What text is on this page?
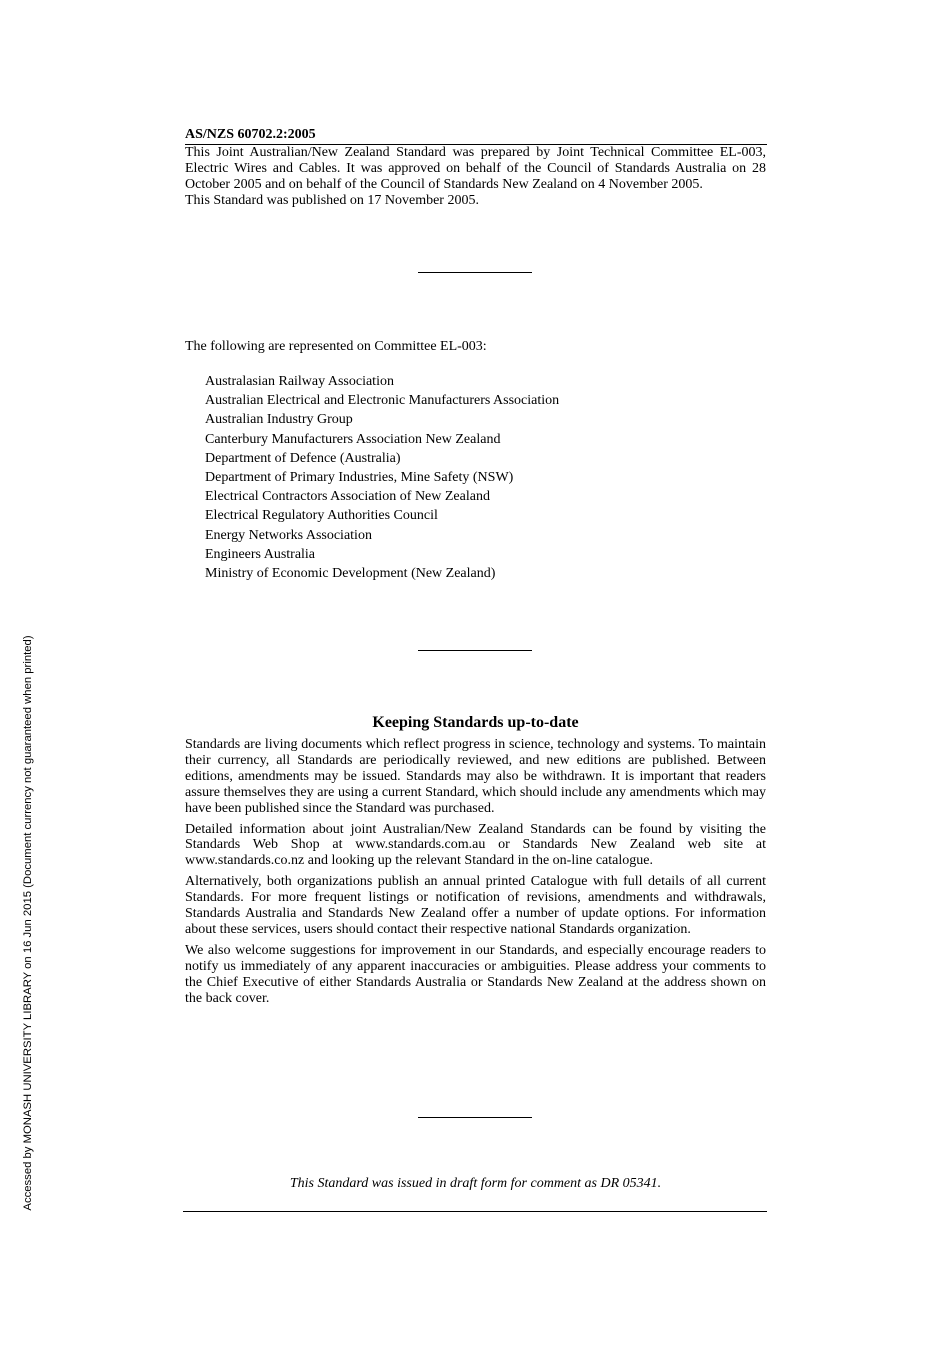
AS/NZS 60702.2:2005

This Joint Australian/New Zealand Standard was prepared by Joint Technical Committee EL-003, Electric Wires and Cables. It was approved on behalf of the Council of Standards Australia on 28 October 2005 and on behalf of the Council of Standards New Zealand on 4 November 2005.

This Standard was published on 17 November 2005.

The following are represented on Committee EL-003:

Australasian Railway Association
Australian Electrical and Electronic Manufacturers Association
Australian Industry Group
Canterbury Manufacturers Association New Zealand
Department of Defence (Australia)
Department of Primary Industries, Mine Safety (NSW)
Electrical Contractors Association of New Zealand
Electrical Regulatory Authorities Council
Energy Networks Association
Engineers Australia
Ministry of Economic Development (New Zealand)
Keeping Standards up-to-date

Standards are living documents which reflect progress in science, technology and systems. To maintain their currency, all Standards are periodically reviewed, and new editions are published. Between editions, amendments may be issued. Standards may also be withdrawn. It is important that readers assure themselves they are using a current Standard, which should include any amendments which may have been published since the Standard was purchased.

Detailed information about joint Australian/New Zealand Standards can be found by visiting the Standards Web Shop at www.standards.com.au or Standards New Zealand web site at www.standards.co.nz and looking up the relevant Standard in the on-line catalogue.

Alternatively, both organizations publish an annual printed Catalogue with full details of all current Standards. For more frequent listings or notification of revisions, amendments and withdrawals, Standards Australia and Standards New Zealand offer a number of update options. For information about these services, users should contact their respective national Standards organization.

We also welcome suggestions for improvement in our Standards, and especially encourage readers to notify us immediately of any apparent inaccuracies or ambiguities. Please address your comments to the Chief Executive of either Standards Australia or Standards New Zealand at the address shown on the back cover.

This Standard was issued in draft form for comment as DR 05341.

Accessed by MONASH UNIVERSITY LIBRARY on 16 Jun 2015 (Document currency not guaranteed when printed)
